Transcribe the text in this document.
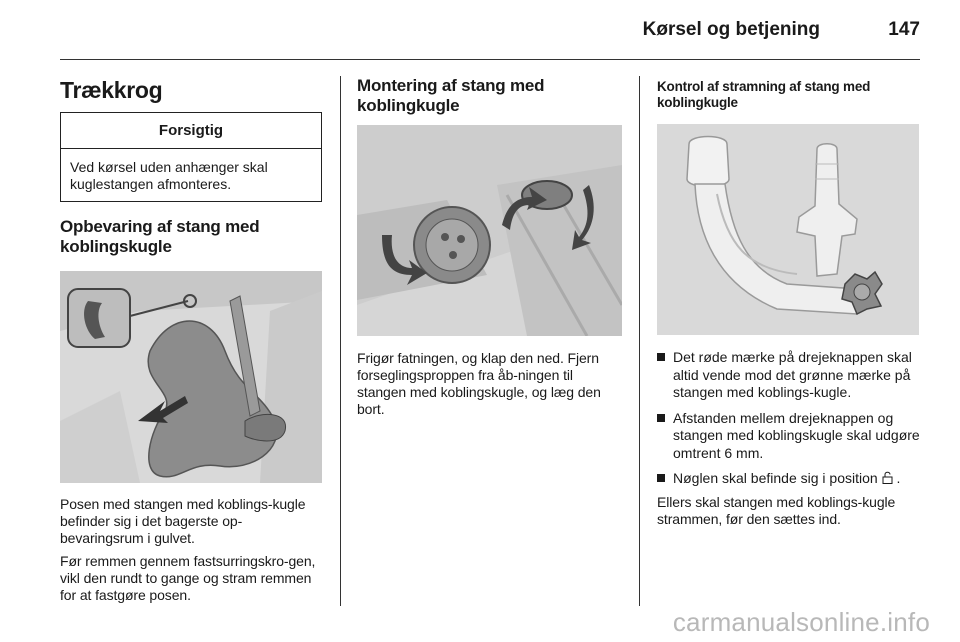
Kørsel og betjening	147
Trækkrog
Forsigtig
Ved kørsel uden anhænger skal kuglestangen afmonteres.
Opbevaring af stang med koblingskugle

Posen med stangen med koblings-kugle befinder sig i det bagerste op-bevaringsrum i gulvet.

Før remmen gennem fastsurringskro-gen, vikl den rundt to gange og stram remmen for at fastgøre posen.

Montering af stang med koblingkugle

Frigør fatningen, og klap den ned. Fjern forseglingsproppen fra åb-ningen til stangen med koblingskugle, og læg den bort.

Kontrol af stramning af stang med koblingkugle
Det røde mærke på drejeknappen skal altid vende mod det grønne mærke på stangen med koblings-kugle.
Afstanden mellem drejeknappen og stangen med koblingskugle skal udgøre omtrent 6 mm.
Nøglen skal befinde sig i position .

Ellers skal stangen med koblings-kugle strammen, før den sættes ind.

carmanualsonline.info
